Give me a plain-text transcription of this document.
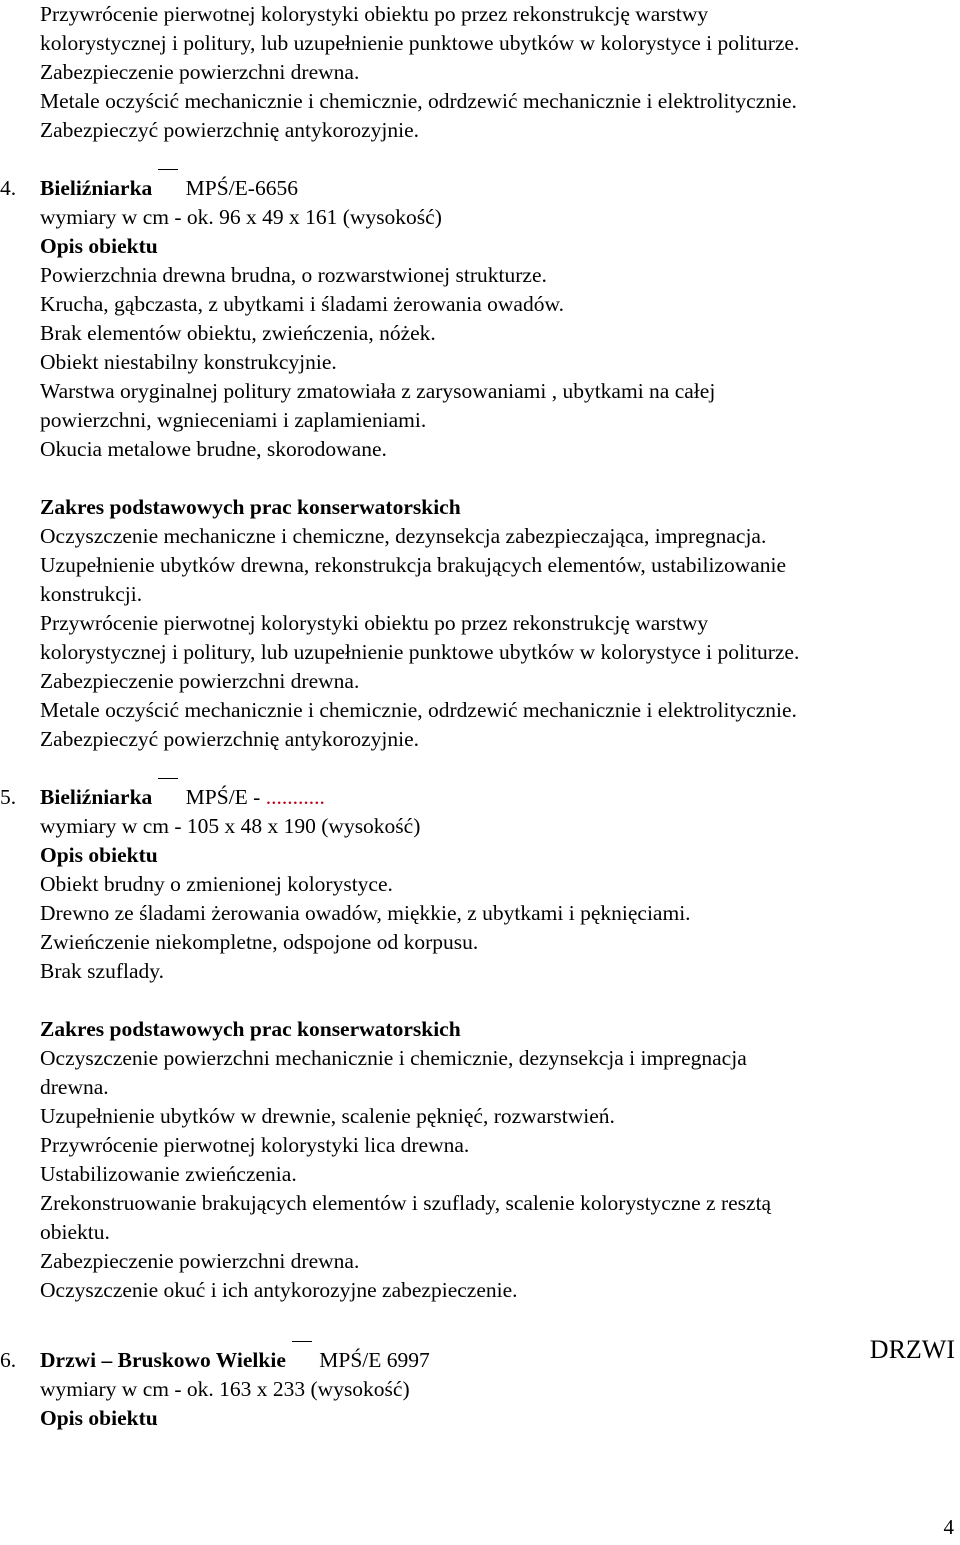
Przywrócenie pierwotnej kolorystyki obiektu po przez rekonstrukcję warstwy
kolorystycznej i politury, lub uzupełnienie punktowe ubytków w kolorystyce i politurze.
Zabezpieczenie powierzchni drewna.
Metale oczyścić mechanicznie i chemicznie, odrdzewić mechanicznie i elektrolitycznie.
Zabezpieczyć powierzchnię antykorozyjnie.
4.	Bieliźniarka
MPŚ/E-6656
wymiary w cm - ok. 96 x 49 x 161 (wysokość)
Opis obiektu
Powierzchnia drewna brudna, o rozwarstwionej strukturze.
Krucha, gąbczasta, z ubytkami i śladami żerowania owadów.
Brak elementów obiektu, zwieńczenia, nóżek.
Obiekt niestabilny konstrukcyjnie.
Warstwa oryginalnej politury zmatowiała z zarysowaniami , ubytkami na całej
powierzchni, wgnieceniami i zaplamieniami.
Okucia metalowe brudne, skorodowane.
Zakres podstawowych prac konserwatorskich
Oczyszczenie mechaniczne i chemiczne, dezynsekcja zabezpieczająca, impregnacja.
Uzupełnienie ubytków drewna, rekonstrukcja brakujących elementów, ustabilizowanie
konstrukcji.
Przywrócenie pierwotnej kolorystyki obiektu po przez rekonstrukcję warstwy
kolorystycznej i politury, lub uzupełnienie punktowe ubytków w kolorystyce i politurze.
Zabezpieczenie powierzchni drewna.
Metale oczyścić mechanicznie i chemicznie, odrdzewić mechanicznie i elektrolitycznie.
Zabezpieczyć powierzchnię antykorozyjnie.
5.	Bieliźniarka
MPŚ/E - ...........
wymiary w cm - 105 x 48 x 190 (wysokość)
Opis obiektu
Obiekt brudny o zmienionej kolorystyce.
Drewno ze śladami żerowania owadów, miękkie, z ubytkami i pęknięciami.
Zwieńczenie niekompletne, odspojone od korpusu.
Brak szuflady.
Zakres podstawowych prac konserwatorskich
Oczyszczenie powierzchni mechanicznie i chemicznie, dezynsekcja i impregnacja
drewna.
Uzupełnienie ubytków w drewnie, scalenie pęknięć, rozwarstwień.
Przywrócenie pierwotnej kolorystyki lica drewna.
Ustabilizowanie zwieńczenia.
Zrekonstruowanie brakujących elementów i szuflady, scalenie kolorystyczne z resztą
obiektu.
Zabezpieczenie powierzchni drewna.
Oczyszczenie okuć i ich antykorozyjne zabezpieczenie.
6.	Drzwi – Bruskowo Wielkie
MPŚ/E 6997
wymiary w cm - ok. 163 x 233 (wysokość)
Opis obiektu
DRZWI
4
